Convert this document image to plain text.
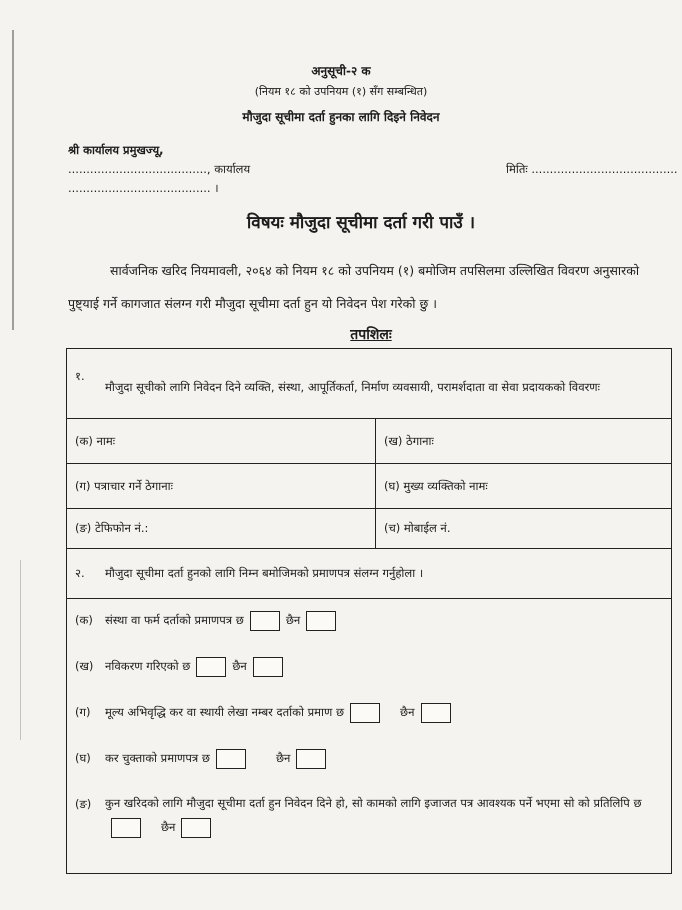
अनुसूची-२ क
(नियम १८ को उपनियम (१) सँग सम्बन्धित)
मौजुदा सूचीमा दर्ता हुनका लागि दिइने निवेदन
श्री कार्यालय प्रमुखज्यू,
......................................, कार्यालय
....................................... ।
मितिः ........................................
विषयः मौजुदा सूचीमा दर्ता गरी पाउँ ।
सार्वजनिक खरिद नियमावली, २०६४ को नियम १८ को उपनियम (१) बमोजिम तपसिलमा उल्लिखित विवरण अनुसारको पुष्ट्याई गर्ने कागजात संलग्न गरी मौजुदा सूचीमा दर्ता हुन यो निवेदन पेश गरेको छु ।
तपशिलः
१.मौजुदा सूचीको लागि निवेदन दिने व्यक्ति, संस्था, आपूर्तिकर्ता, निर्माण व्यवसायी, परामर्शदाता वा सेवा प्रदायकको विवरणः	
(क) नामः	(ख) ठेगानाः
(ग) पत्राचार गर्ने ठेगानाः	(घ) मुख्य व्यक्तिको नामः
(ङ) टेफिफोन नं.:	(च) मोबाईल नं.
२. मौजुदा सूचीमा दर्ता हुनको लागि निम्न बमोजिमको प्रमाणपत्र संलग्न गर्नुहोला ।	

(क) संस्था वा फर्म दर्ताको प्रमाणपत्र छ छैन
(ख) नविकरण गरिएको छ छैन
(ग) मूल्य अभिवृद्धि कर वा स्थायी लेखा नम्बर दर्ताको प्रमाण छ छैन
(घ) कर चुक्ताको प्रमाणपत्र छ छैन
(ङ) कुन खरिदको लागि मौजुदा सूचीमा दर्ता हुन निवेदन दिने हो, सो कामको लागि इजाजत पत्र आवश्यक पर्ने भएमा सो को प्रतिलिपि छछैन	
